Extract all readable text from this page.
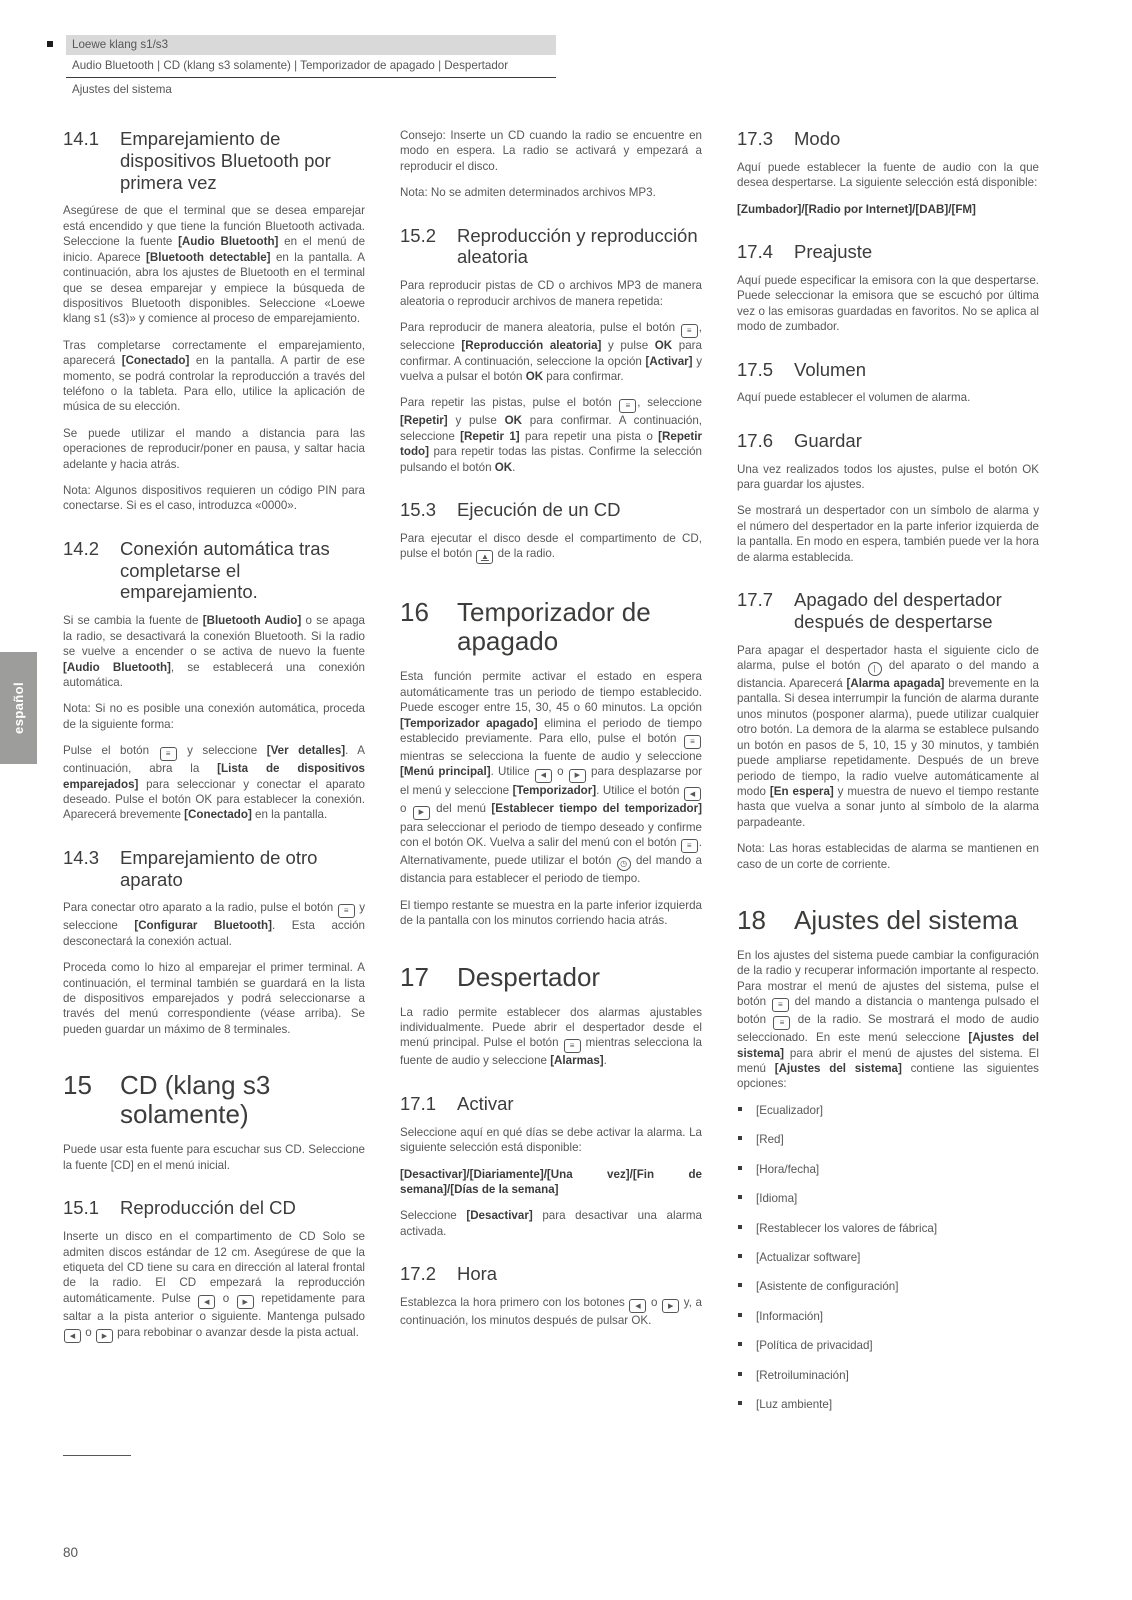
Loewe klang s1/s3
Audio Bluetooth | CD (klang s3 solamente) | Temporizador de apagado | Despertador
Ajustes del sistema
español
14.1	Emparejamiento de dispositivos Bluetooth por primera vez

Asegúrese de que el terminal que se desea emparejar está encendido y que tiene la función Bluetooth activada. Seleccione la fuente [Audio Bluetooth] en el menú de inicio. Aparece [Bluetooth detectable] en la pantalla. A continuación, abra los ajustes de Bluetooth en el terminal que se desea emparejar y empiece la búsqueda de dispositivos Bluetooth disponibles. Seleccione «Loewe klang s1 (s3)» y comience al proceso de emparejamiento.

Tras completarse correctamente el emparejamiento, aparecerá [Conectado] en la pantalla. A partir de ese momento, se podrá controlar la reproducción a través del teléfono o la tableta. Para ello, utilice la aplicación de música de su elección.

Se puede utilizar el mando a distancia para las operaciones de reproducir/poner en pausa, y saltar hacia adelante y hacia atrás.

Nota: Algunos dispositivos requieren un código PIN para conectarse. Si es el caso, introduzca «0000».

14.2	Conexión automática tras completarse el emparejamiento.

Si se cambia la fuente de [Bluetooth Audio] o se apaga la radio, se desactivará la conexión Bluetooth. Si la radio se vuelve a encender o se activa de nuevo la fuente [Audio Bluetooth], se establecerá una conexión automática.

Nota: Si no es posible una conexión automática, proceda de la siguiente forma:

Pulse el botón ≡ y seleccione [Ver detalles]. A continuación, abra la [Lista de dispositivos emparejados] para seleccionar y conectar el aparato deseado. Pulse el botón OK para establecer la conexión. Aparecerá brevemente [Conectado] en la pantalla.

14.3	Emparejamiento de otro aparato

Para conectar otro aparato a la radio, pulse el botón ≡ y seleccione [Configurar Bluetooth]. Esta acción desconectará la conexión actual.

Proceda como lo hizo al emparejar el primer terminal. A continuación, el terminal también se guardará en la lista de dispositivos emparejados y podrá seleccionarse a través del menú correspondiente (véase arriba). Se pueden guardar un máximo de 8 terminales.

15	CD (klang s3 solamente)

Puede usar esta fuente para escuchar sus CD. Seleccione la fuente [CD] en el menú inicial.

15.1	Reproducción del CD

Inserte un disco en el compartimento de CD Solo se admiten discos estándar de 12 cm. Asegúrese de que la etiqueta del CD tiene su cara en dirección al lateral frontal de la radio. El CD empezará la reproducción automáticamente. Pulse ◀ o ▶ repetidamente para saltar a la pista anterior o siguiente. Mantenga pulsado ◀ o ▶ para rebobinar o avanzar desde la pista actual.

Consejo: Inserte un CD cuando la radio se encuentre en modo en espera. La radio se activará y empezará a reproducir el disco.

Nota: No se admiten determinados archivos MP3.

15.2	Reproducción y reproducción aleatoria

Para reproducir pistas de CD o archivos MP3 de manera aleatoria o reproducir archivos de manera repetida:

Para reproducir de manera aleatoria, pulse el botón ≡ , seleccione [Reproducción aleatoria] y pulse OK para confirmar. A continuación, seleccione la opción [Activar] y vuelva a pulsar el botón OK para confirmar.

Para repetir las pistas, pulse el botón ≡ , seleccione [Repetir] y pulse OK para confirmar. A continuación, seleccione [Repetir 1] para repetir una pista o [Repetir todo] para repetir todas las pistas. Confirme la selección pulsando el botón OK.

15.3	Ejecución de un CD

Para ejecutar el disco desde el compartimento de CD, pulse el botón ▲ de la radio.

16	Temporizador de apagado

Esta función permite activar el estado en espera automáticamente tras un periodo de tiempo establecido. Puede escoger entre 15, 30, 45 o 60 minutos. La opción [Temporizador apagado] elimina el periodo de tiempo establecido previamente. Para ello, pulse el botón ≡ mientras se selecciona la fuente de audio y seleccione [Menú principal]. Utilice ◀ o ▶ para desplazarse por el menú y seleccione [Temporizador]. Utilice el botón ◀ o ▶ del menú [Establecer tiempo del temporizador] para seleccionar el periodo de tiempo deseado y confirme con el botón OK. Vuelva a salir del menú con el botón ≡ . Alternativamente, puede utilizar el botón ◷ del mando a distancia para establecer el periodo de tiempo.

El tiempo restante se muestra en la parte inferior izquierda de la pantalla con los minutos corriendo hacia atrás.

17	Despertador

La radio permite establecer dos alarmas ajustables individualmente. Puede abrir el despertador desde el menú principal. Pulse el botón ≡ mientras selecciona la fuente de audio y seleccione [Alarmas].

17.1	Activar

Seleccione aquí en qué días se debe activar la alarma. La siguiente selección está disponible:

[Desactivar]/[Diariamente]/[Una vez]/[Fin de semana]/[Días de la semana]

Seleccione [Desactivar] para desactivar una alarma activada.

17.2	Hora

Establezca la hora primero con los botones ◀ o ▶ y, a continuación, los minutos después de pulsar OK.

17.3	Modo

Aquí puede establecer la fuente de audio con la que desea despertarse. La siguiente selección está disponible:

[Zumbador]/[Radio por Internet]/[DAB]/[FM]

17.4	Preajuste

Aquí puede especificar la emisora con la que despertarse. Puede seleccionar la emisora que se escuchó por última vez o las emisoras guardadas en favoritos. No se aplica al modo de zumbador.

17.5	Volumen

Aquí puede establecer el volumen de alarma.

17.6	Guardar

Una vez realizados todos los ajustes, pulse el botón OK para guardar los ajustes.

Se mostrará un despertador con un símbolo de alarma y el número del despertador en la parte inferior izquierda de la pantalla. En modo en espera, también puede ver la hora de alarma establecida.

17.7	Apagado del despertador después de despertarse

Para apagar el despertador hasta el siguiente ciclo de alarma, pulse el botón | del aparato o del mando a distancia. Aparecerá [Alarma apagada] brevemente en la pantalla. Si desea interrumpir la función de alarma durante unos minutos (posponer alarma), puede utilizar cualquier otro botón. La demora de la alarma se establece pulsando un botón en pasos de 5, 10, 15 y 30 minutos, y también puede ampliarse repetidamente. Después de un breve periodo de tiempo, la radio vuelve automáticamente al modo [En espera] y muestra de nuevo el tiempo restante hasta que vuelva a sonar junto al símbolo de la alarma parpadeante.

Nota: Las horas establecidas de alarma se mantienen en caso de un corte de corriente.

18	Ajustes del sistema

En los ajustes del sistema puede cambiar la configuración de la radio y recuperar información importante al respecto. Para mostrar el menú de ajustes del sistema, pulse el botón ≡ del mando a distancia o mantenga pulsado el botón ≡ de la radio. Se mostrará el modo de audio seleccionado. En este menú seleccione [Ajustes del sistema] para abrir el menú de ajustes del sistema. El menú [Ajustes del sistema] contiene las siguientes opciones:

[Ecualizador]
[Red]
[Hora/fecha]
[Idioma]
[Restablecer los valores de fábrica]
[Actualizar software]
[Asistente de configuración]
[Información]
[Política de privacidad]
[Retroiluminación]
[Luz ambiente]
80
